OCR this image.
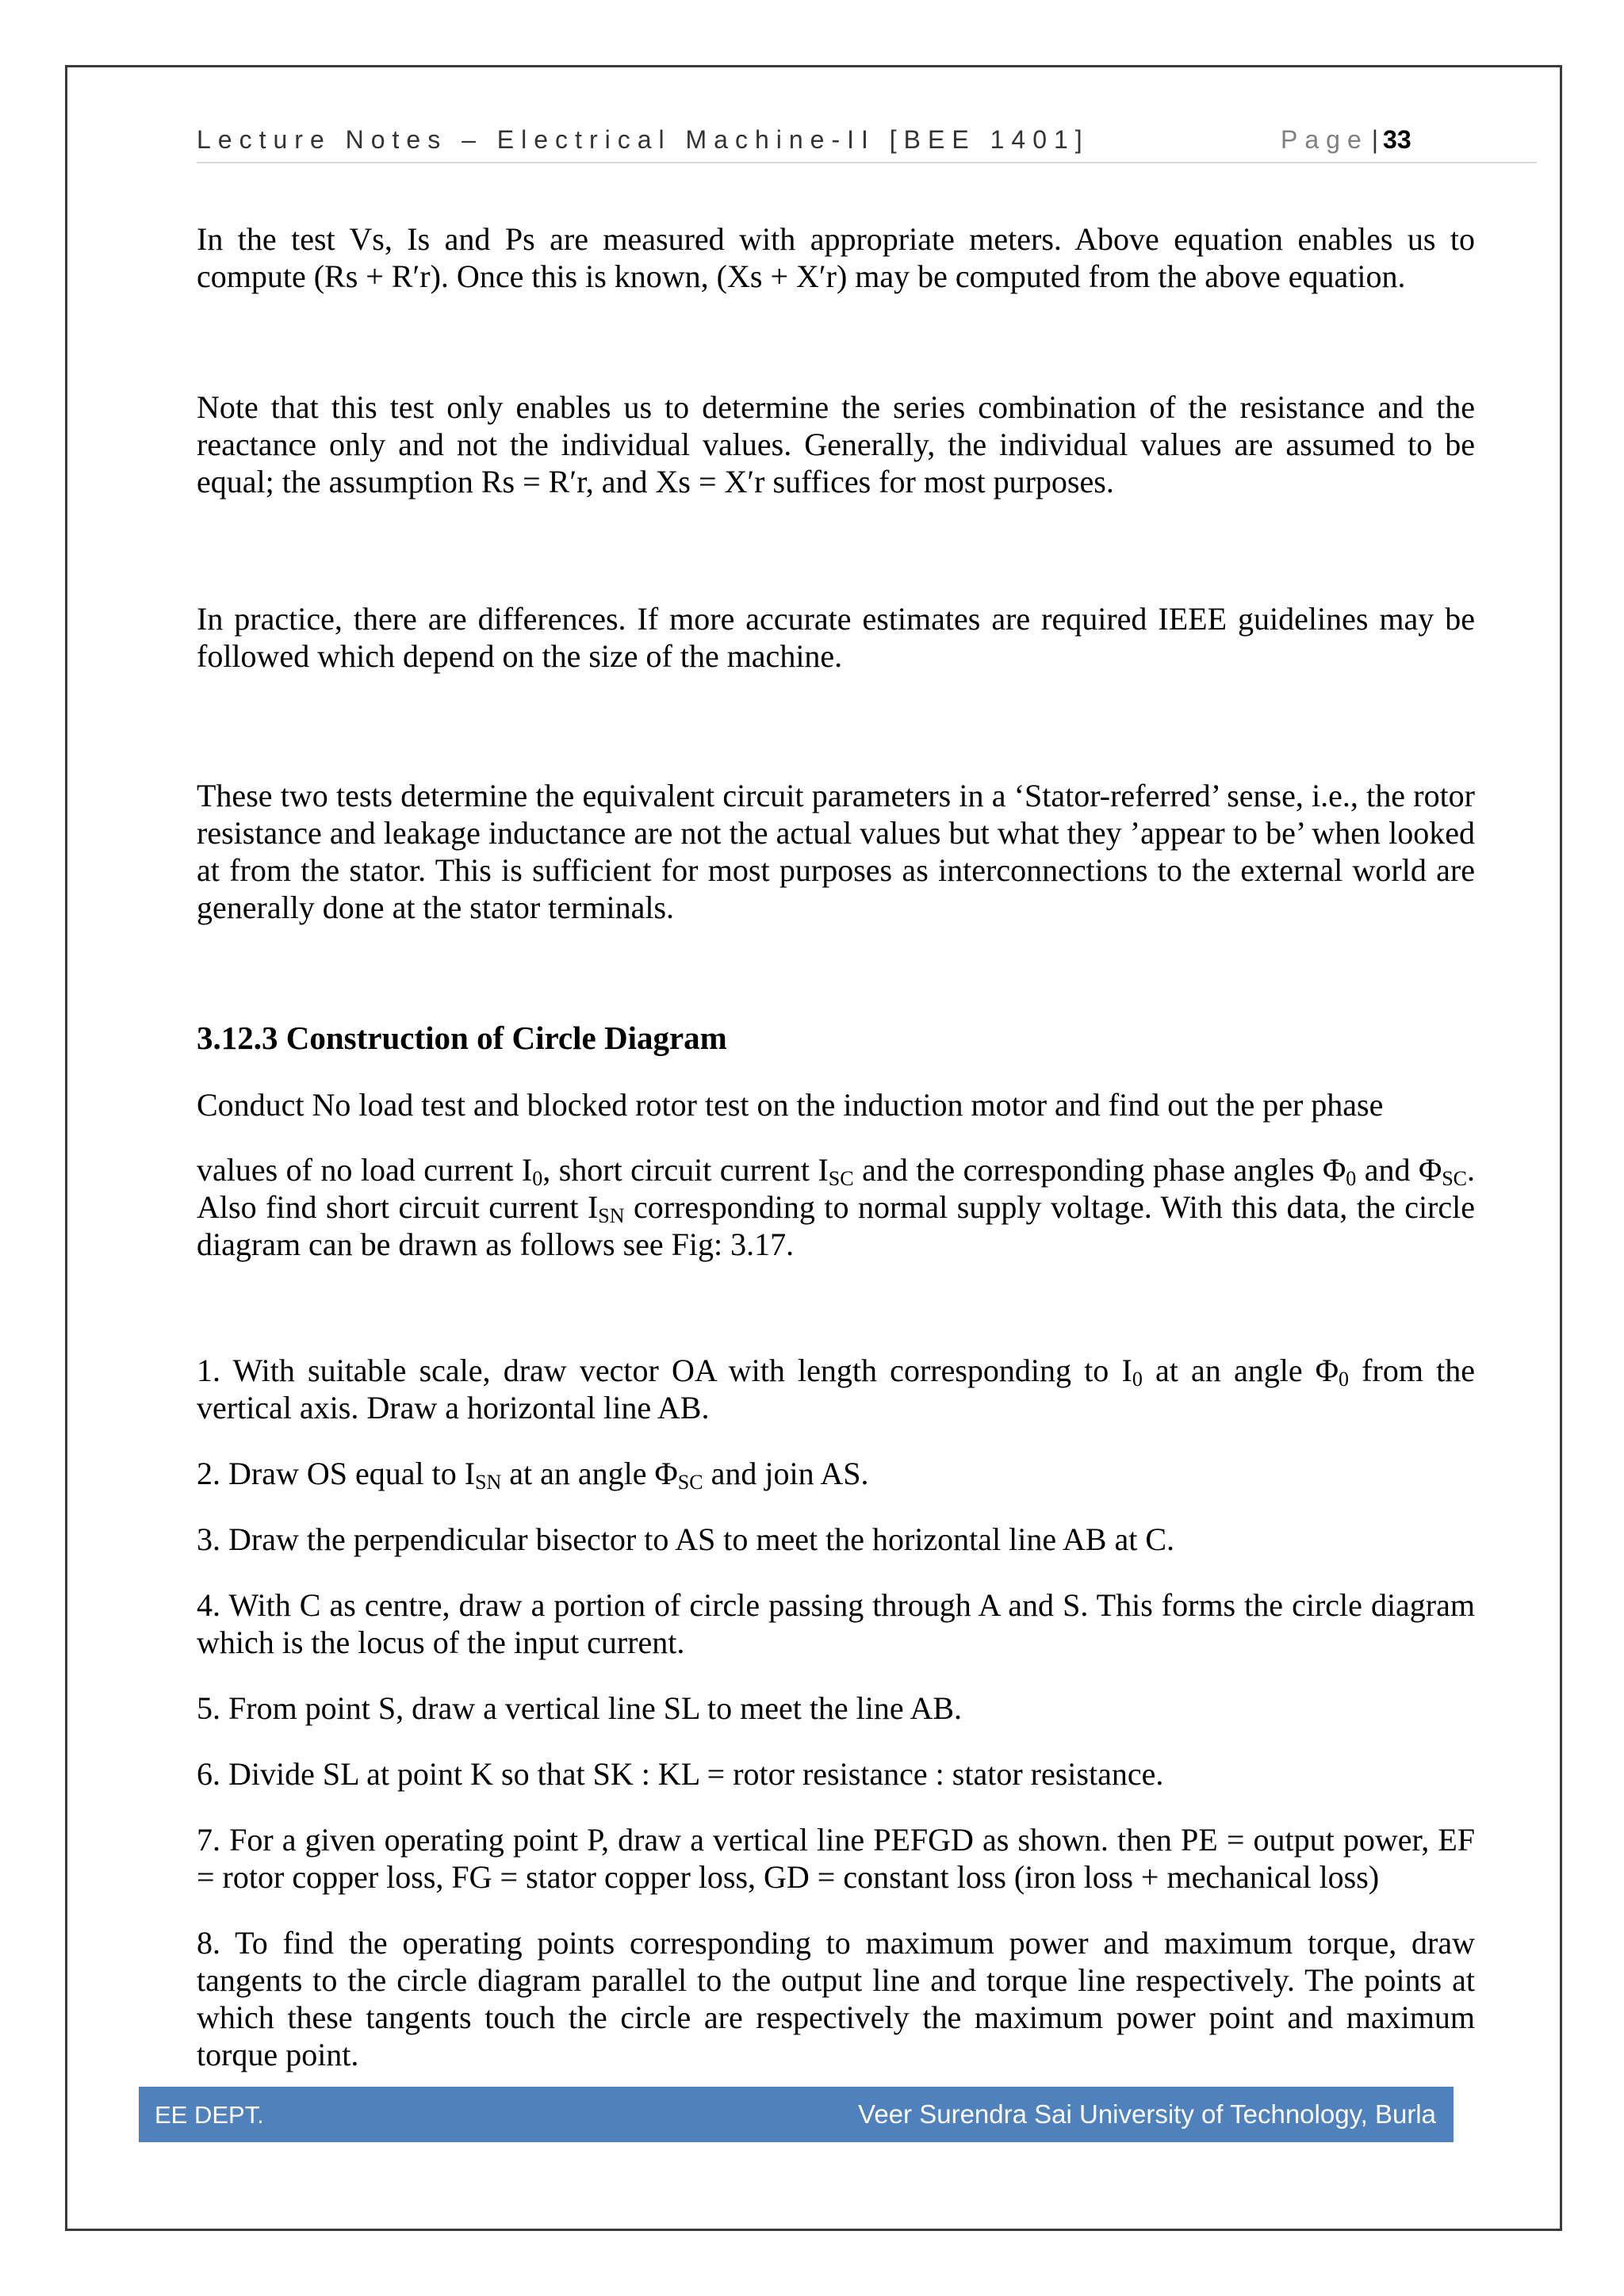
Lecture Notes – Electrical Machine-II [BEE 1401]	Page | 33

In the test Vs, Is and Ps are measured with appropriate meters. Above equation enables us to compute (Rs + R′r). Once this is known, (Xs + X′r) may be computed from the above equation.

Note that this test only enables us to determine the series combination of the resistance and the reactance only and not the individual values. Generally, the individual values are assumed to be equal; the assumption Rs = R′r, and Xs = X′r suffices for most purposes.

In practice, there are differences. If more accurate estimates are required IEEE guidelines may be followed which depend on the size of the machine.

These two tests determine the equivalent circuit parameters in a ‘Stator-referred’ sense, i.e., the rotor resistance and leakage inductance are not the actual values but what they ’appear to be’ when looked at from the stator. This is sufficient for most purposes as interconnections to the external world are generally done at the stator terminals.

3.12.3 Construction of Circle Diagram

Conduct No load test and blocked rotor test on the induction motor and find out the per phase

values of no load current $I_0$, short circuit current $I_{SC}$ and the corresponding phase angles $\Phi_0$ and $\Phi_{SC}$. Also find short circuit current $I_{SN}$ corresponding to normal supply voltage. With this data, the circle diagram can be drawn as follows see Fig: 3.17.

1. With suitable scale, draw vector OA with length corresponding to $I_0$ at an angle $\Phi_0$ from the vertical axis. Draw a horizontal line AB.

2. Draw OS equal to $I_{SN}$ at an angle $\Phi_{SC}$ and join AS.

3. Draw the perpendicular bisector to AS to meet the horizontal line AB at C.

4. With C as centre, draw a portion of circle passing through A and S. This forms the circle diagram which is the locus of the input current.

5. From point S, draw a vertical line SL to meet the line AB.

6. Divide SL at point K so that SK : KL = rotor resistance : stator resistance.

7. For a given operating point P, draw a vertical line PEFGD as shown. then PE = output power, EF = rotor copper loss, FG = stator copper loss, GD = constant loss (iron loss + mechanical loss)

8. To find the operating points corresponding to maximum power and maximum torque, draw tangents to the circle diagram parallel to the output line and torque line respectively. The points at which these tangents touch the circle are respectively the maximum power point and maximum torque point.

EE DEPT.	Veer Surendra Sai University of Technology, Burla
